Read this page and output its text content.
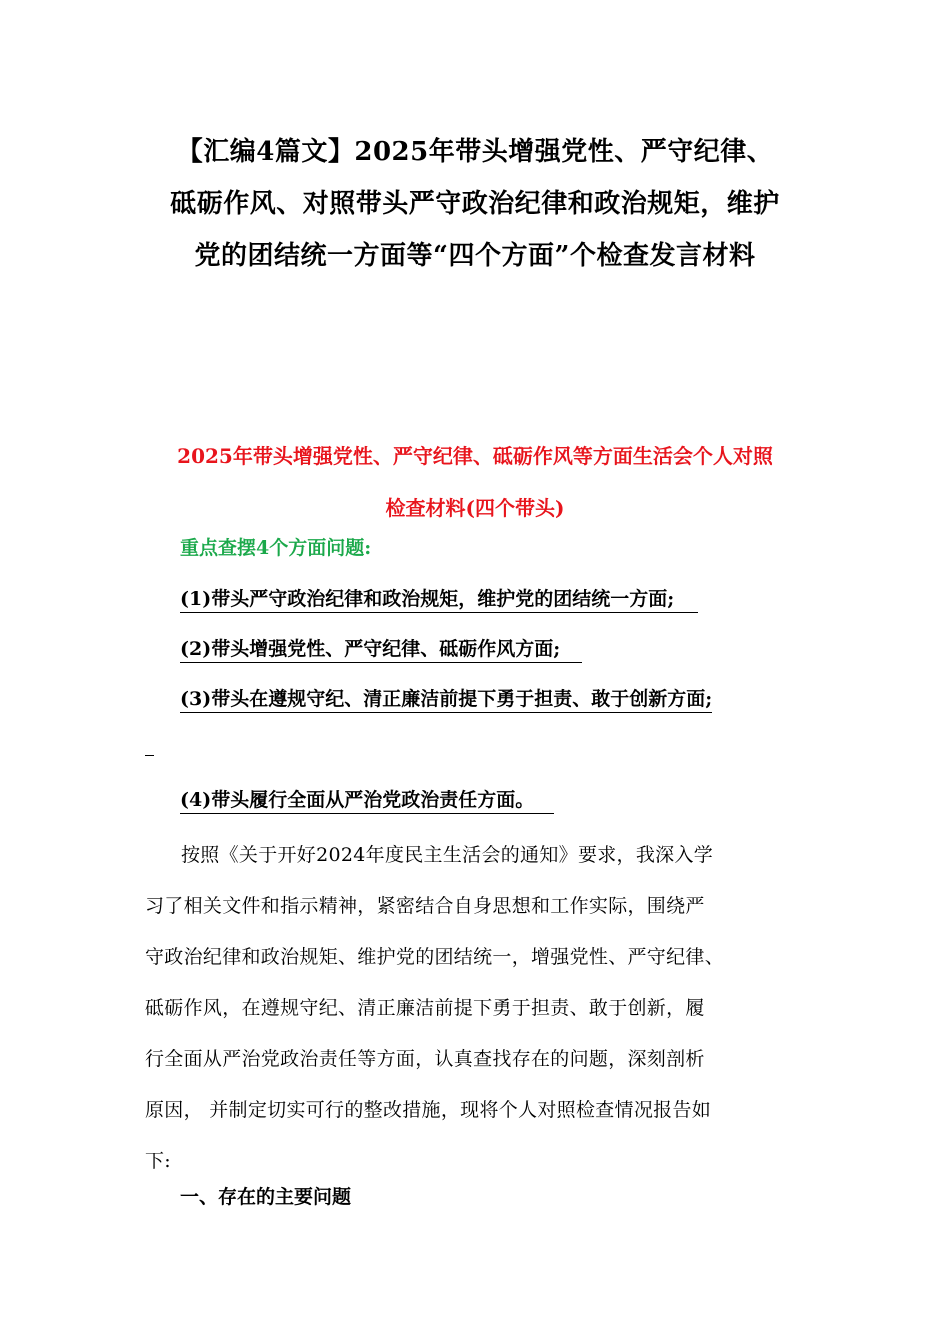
【汇编4篇文】2025年带头增强党性、严守纪律、
砥砺作风、对照带头严守政治纪律和政治规矩，维护
党的团结统一方面等“四个方面”个检查发言材料
2025年带头增强党性、严守纪律、砥砺作风等方面生活会个人对照
检查材料(四个带头)
重点查摆4个方面问题:
(1)带头严守政治纪律和政治规矩，维护党的团结统一方面;
(2)带头增强党性、严守纪律、砥砺作风方面;
(3)带头在遵规守纪、清正廉洁前提下勇于担责、敢于创新方面;
(4)带头履行全面从严治党政治责任方面。
按照《关于开好2024年度民主生活会的通知》要求，我深入学
习了相关文件和指示精神，紧密结合自身思想和工作实际，围绕严
守政治纪律和政治规矩、维护党的团结统一，增强党性、严守纪律、
砥砺作风，在遵规守纪、清正廉洁前提下勇于担责、敢于创新，履
行全面从严治党政治责任等方面，认真查找存在的问题，深刻剖析
原因， 并制定切实可行的整改措施，现将个人对照检查情况报告如
下:
一、存在的主要问题
